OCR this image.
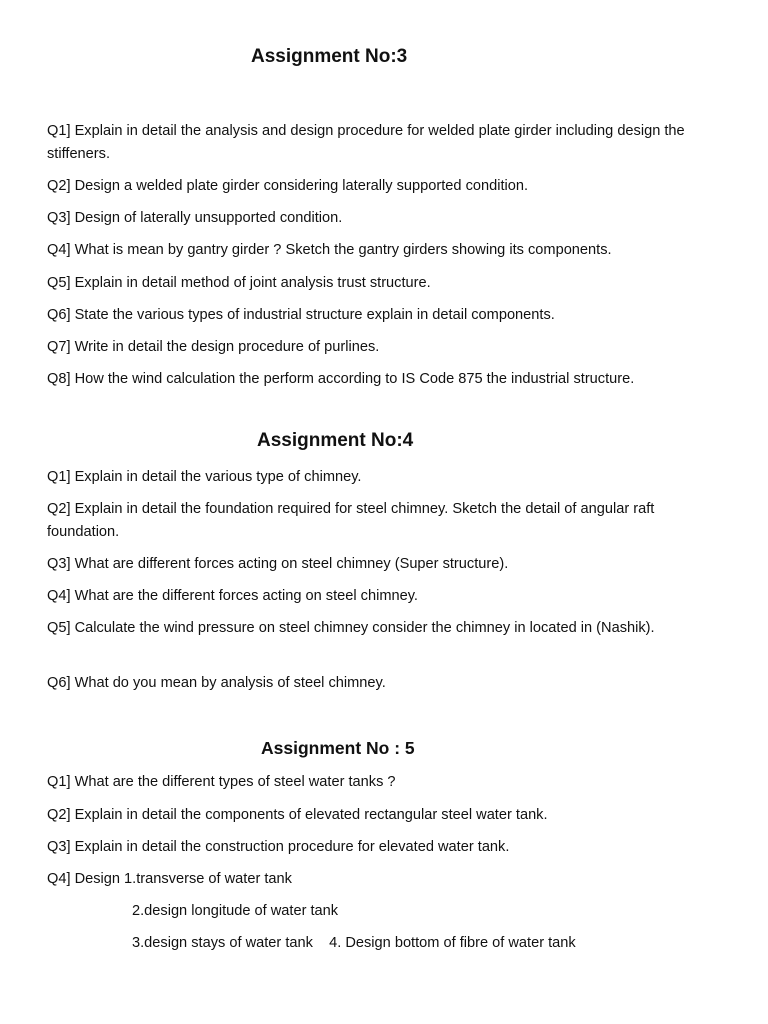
Assignment No:3

Q1] Explain in detail the analysis and design procedure for welded plate girder including design the stiffeners.

Q2] Design a welded plate girder considering laterally supported condition.

Q3] Design of laterally unsupported condition.

Q4] What is mean by gantry girder ? Sketch the gantry girders showing its components.

Q5] Explain in detail method of joint analysis trust structure.

Q6] State the various types of industrial structure explain in detail components.

Q7] Write in detail the design procedure of purlines.

Q8] How the wind calculation the perform according to IS Code 875 the industrial structure.

Assignment No:4

Q1] Explain in detail the various type of chimney.

Q2] Explain in detail the foundation required for steel chimney. Sketch the detail of angular raft foundation.

Q3] What are different forces acting on steel chimney (Super structure).

Q4] What are the different forces acting on steel chimney.

Q5] Calculate the wind pressure on steel chimney consider the chimney in located in (Nashik).

Q6] What do you mean by analysis of steel chimney.

Assignment No : 5

Q1] What are the different types of steel water tanks ?

Q2] Explain in detail the components of elevated rectangular steel water tank.

Q3] Explain in detail the construction procedure for elevated water tank.

Q4] Design 1.transverse of water tank

2.design longitude of water tank
3.design stays of water tank    4. Design bottom of fibre of water tank
